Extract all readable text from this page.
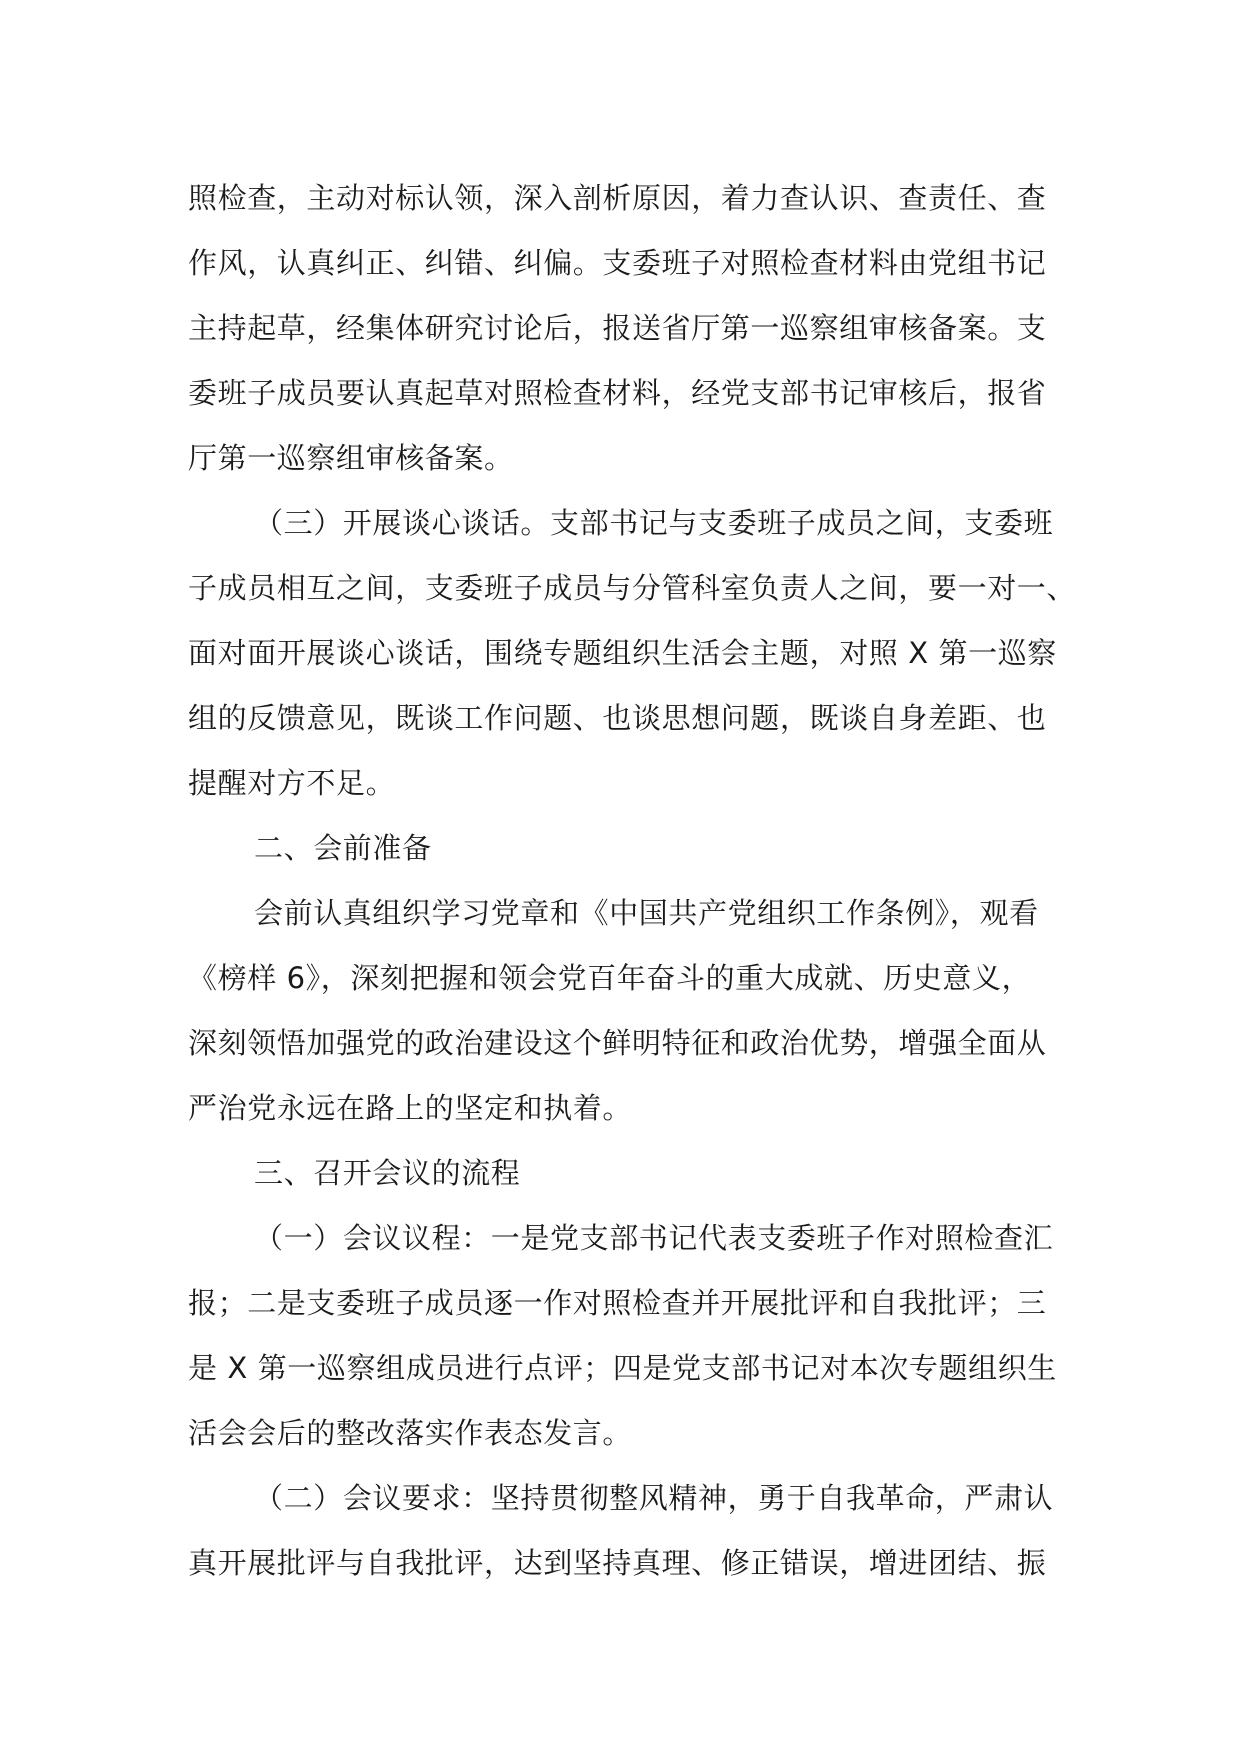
照检查，主动对标认领，深入剖析原因，着力查认识、查责任、查
作风，认真纠正、纠错、纠偏。支委班子对照检查材料由党组书记
主持起草，经集体研究讨论后，报送省厅第一巡察组审核备案。支
委班子成员要认真起草对照检查材料，经党支部书记审核后，报省
厅第一巡察组审核备案。
（三）开展谈心谈话。支部书记与支委班子成员之间，支委班
子成员相互之间，支委班子成员与分管科室负责人之间，要一对一、
面对面开展谈心谈话，围绕专题组织生活会主题，对照 X 第一巡察
组的反馈意见，既谈工作问题、也谈思想问题，既谈自身差距、也
提醒对方不足。
二、会前准备
会前认真组织学习党章和《中国共产党组织工作条例》，观看
《榜样 6》，深刻把握和领会党百年奋斗的重大成就、历史意义，
深刻领悟加强党的政治建设这个鲜明特征和政治优势，增强全面从
严治党永远在路上的坚定和执着。
三、召开会议的流程
（一）会议议程：一是党支部书记代表支委班子作对照检查汇
报；二是支委班子成员逐一作对照检查并开展批评和自我批评；三
是 X 第一巡察组成员进行点评；四是党支部书记对本次专题组织生
活会会后的整改落实作表态发言。
（二）会议要求：坚持贯彻整风精神，勇于自我革命，严肃认
真开展批评与自我批评，达到坚持真理、修正错误，增进团结、振
